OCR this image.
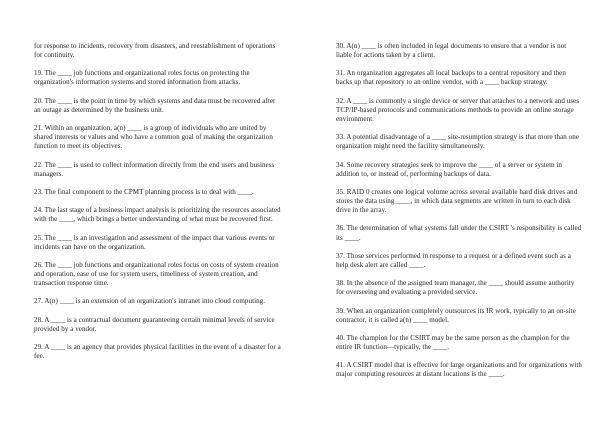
for response to incidents, recovery from disasters, and reestablishment of operations for continuity.

19. The ____ job functions and organizational roles focus on protecting the organization's information systems and stored information from attacks.

20. The ____ is the point in time by which systems and data must be recovered after an outage as determined by the business unit.

21. Within an organization, a(n) ____ is a group of individuals who are united by shared interests or values and who have a common goal of making the organization function to meet its objectives.

22. The ____ is used to collect information directly from the end users and business managers.

23. The final component to the CPMT planning process is to deal with ____.

24. The last stage of a business impact analysis is prioritizing the resources associated with the ____, which brings a better understanding of what must be recovered first.

25. The ____ is an investigation and assessment of the impact that various events or incidents can have on the organization.

26. The ____ job functions and organizational roles focus on costs of system creation and operation, ease of use for system users, timeliness of system creation, and transaction response time.

27. A(n) ____ is an extension of an organization's intranet into cloud computing.

28. A ____ is a contractual document guaranteeing certain minimal levels of service provided by a vendor.

29. A ____ is an agency that provides physical facilities in the event of a disaster for a fee.

30. A(n) ____ is often included in legal documents to ensure that a vendor is not liable for actions taken by a client.

31. An organization aggregates all local backups to a central repository and then backs up that repository to an online vendor, with a ____ backup strategy.

32. A ____ is commonly a single device or server that attaches to a network and uses TCP/IP-based protocols and communications methods to provide an online storage environment.

33. A potential disadvantage of a ____ site-resumption strategy is that more than one organization might need the facility simultaneously.

34. Some recovery strategies seek to improve the ____ of a server or system in addition to, or instead of, performing backups of data.

35. RAID 0 creates one logical volume across several available hard disk drives and stores the data using ____, in which data segments are written in turn to each disk drive in the array.

36. The determination of what systems fall under the CSIRT 's responsibility is called its ____.

37. Those services performed in response to a request or a defined event such as a help desk alert are called ____.

38. In the absence of the assigned team manager, the ____ should assume authority for overseeing and evaluating a provided service.

39. When an organization completely outsources its IR work, typically to an on-site contractor, it is called a(n) ____ model.

40. The champion for the CSIRT may be the same person as the champion for the entire IR function—typically, the ____.

41. A CSIRT model that is effective for large organizations and for organizations with major computing resources at distant locations is the ____.
